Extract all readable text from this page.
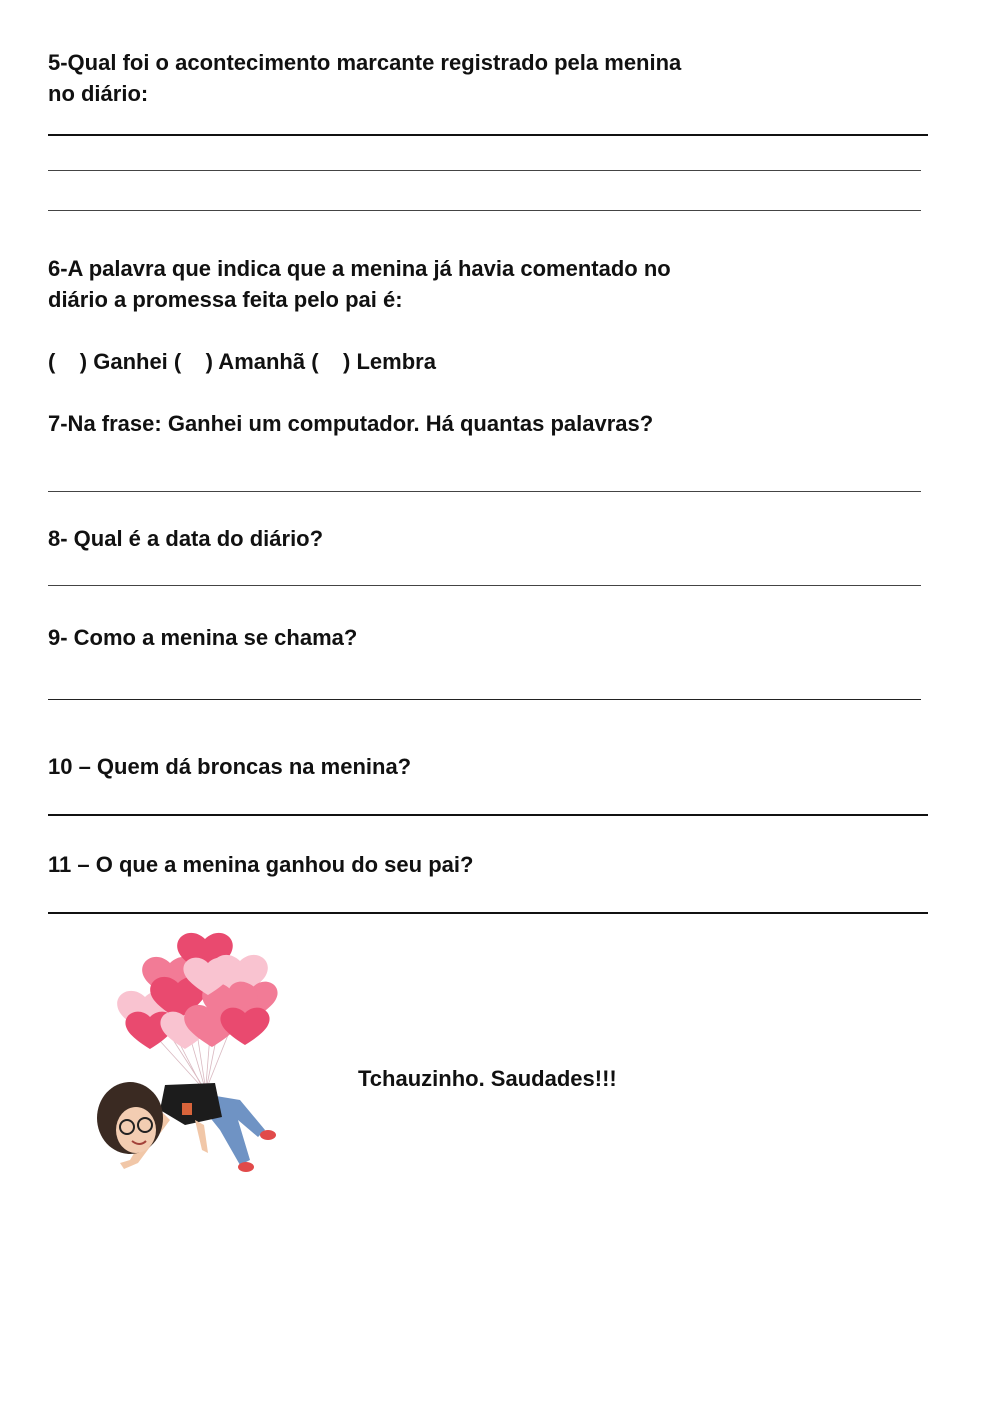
5-Qual foi o acontecimento marcante registrado pela menina
no diário:

6-A palavra que indica que a menina já havia comentado no
diário a promessa feita pelo pai é:

(    ) Ganhei (    ) Amanhã (    ) Lembra

7-Na frase: Ganhei um computador. Há quantas palavras?

8- Qual é a data do diário?

9- Como a menina se chama?

10 – Quem dá broncas na menina?

11 – O que a menina ganhou do seu pai?

Tchauzinho. Saudades!!!
